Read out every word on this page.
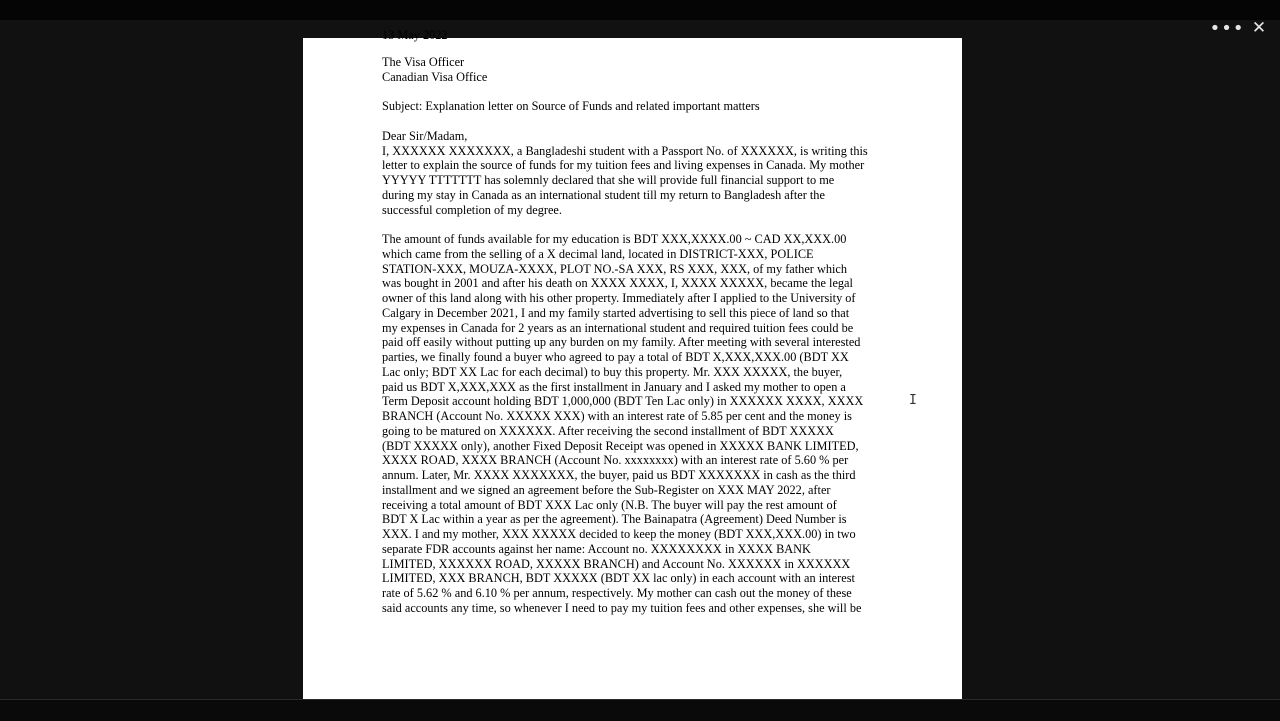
••• ✕
13 May 2022
The Visa Officer
Canadian Visa Office
Subject: Explanation letter on Source of Funds and related important matters
Dear Sir/Madam,
I, XXXXXX XXXXXXX, a Bangladeshi student with a Passport No. of XXXXXX, is writing this
letter to explain the source of funds for my tuition fees and living expenses in Canada. My mother
YYYYY TTTTTTT has solemnly declared that she will provide full financial support to me
during my stay in Canada as an international student till my return to Bangladesh after the
successful completion of my degree.
The amount of funds available for my education is BDT XXX,XXXX.00 ~ CAD XX,XXX.00
which came from the selling of a X decimal land, located in DISTRICT-XXX, POLICE
STATION-XXX, MOUZA-XXXX, PLOT NO.-SA XXX, RS XXX, XXX, of my father which
was bought in 2001 and after his death on XXXX XXXX, I, XXXX XXXXX, became the legal
owner of this land along with his other property. Immediately after I applied to the University of
Calgary in December 2021, I and my family started advertising to sell this piece of land so that
my expenses in Canada for 2 years as an international student and required tuition fees could be
paid off easily without putting up any burden on my family. After meeting with several interested
parties, we finally found a buyer who agreed to pay a total of BDT X,XXX,XXX.00 (BDT XX
Lac only; BDT XX Lac for each decimal) to buy this property. Mr. XXX XXXXX, the buyer,
paid us BDT X,XXX,XXX as the first installment in January and I asked my mother to open a
Term Deposit account holding BDT 1,000,000 (BDT Ten Lac only) in XXXXXX XXXX, XXXX
BRANCH (Account No. XXXXX XXX) with an interest rate of 5.85 per cent and the money is
going to be matured on XXXXXX. After receiving the second installment of BDT XXXXX
(BDT XXXXX only), another Fixed Deposit Receipt was opened in XXXXX BANK LIMITED,
XXXX ROAD, XXXX BRANCH (Account No. xxxxxxxx) with an interest rate of 5.60 % per
annum. Later, Mr. XXXX XXXXXXX, the buyer, paid us BDT XXXXXXX in cash as the third
installment and we signed an agreement before the Sub-Register on XXX MAY 2022, after
receiving a total amount of BDT XXX Lac only (N.B. The buyer will pay the rest amount of
BDT X Lac within a year as per the agreement). The Bainapatra (Agreement) Deed Number is
XXX. I and my mother, XXX XXXXX decided to keep the money (BDT XXX,XXX.00) in two
separate FDR accounts against her name: Account no. XXXXXXXX in XXXX BANK
LIMITED, XXXXXX ROAD, XXXXX BRANCH) and Account No. XXXXXX in XXXXXX
LIMITED, XXX BRANCH, BDT XXXXX (BDT XX lac only) in each account with an interest
rate of 5.62 % and 6.10 % per annum, respectively. My mother can cash out the money of these
said accounts any time, so whenever I need to pay my tuition fees and other expenses, she will be
I
